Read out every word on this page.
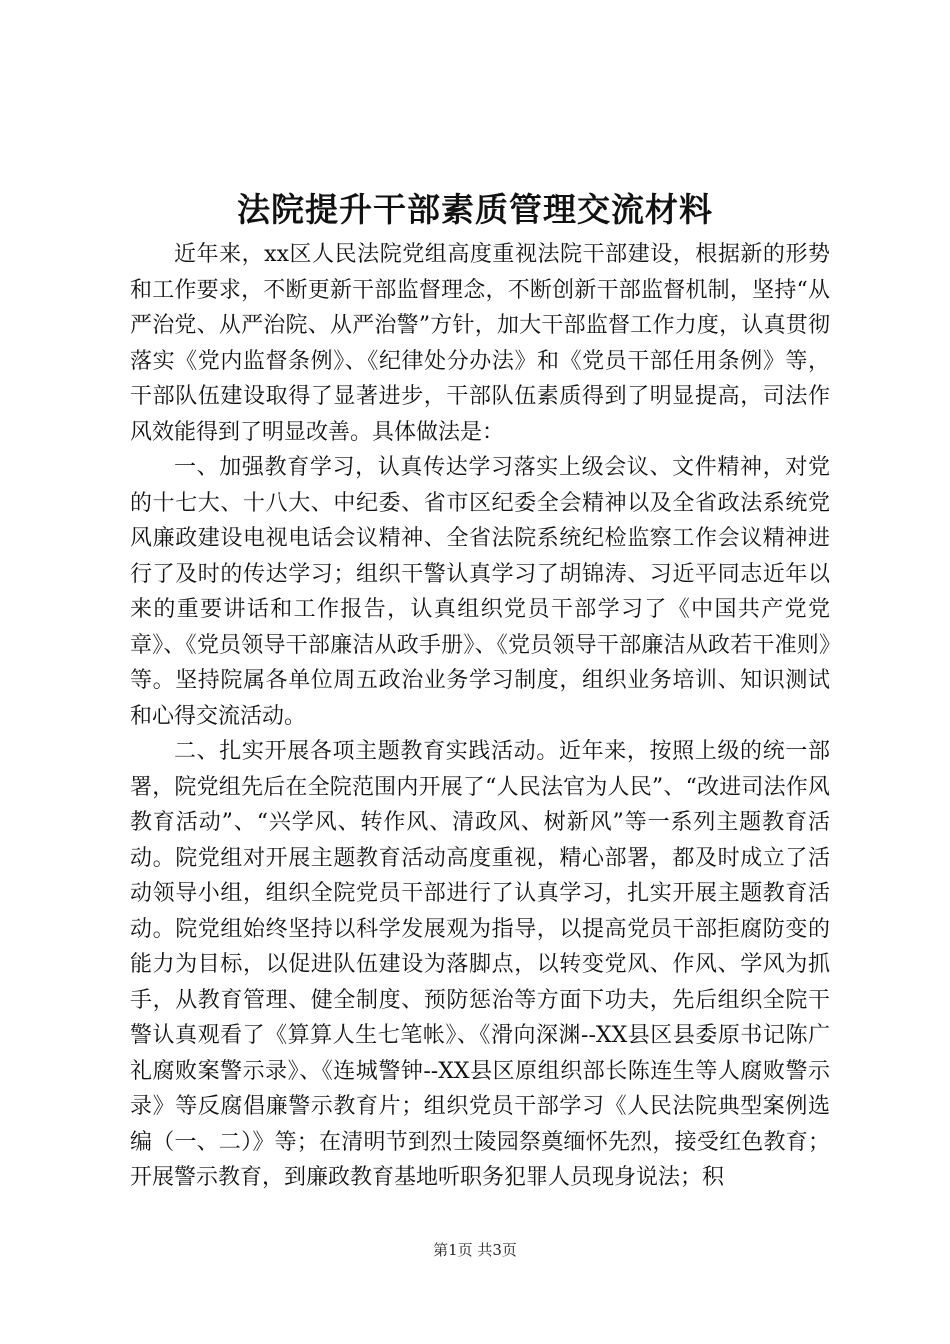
法院提升干部素质管理交流材料

近年来，xx区人民法院党组高度重视法院干部建设，根据新的形势和工作要求，不断更新干部监督理念，不断创新干部监督机制，坚持“从严治党、从严治院、从严治警”方针，加大干部监督工作力度，认真贯彻落实《党内监督条例》、《纪律处分办法》和《党员干部任用条例》等，干部队伍建设取得了显著进步，干部队伍素质得到了明显提高，司法作风效能得到了明显改善。具体做法是：

一、加强教育学习，认真传达学习落实上级会议、文件精神，对党的十七大、十八大、中纪委、省市区纪委全会精神以及全省政法系统党风廉政建设电视电话会议精神、全省法院系统纪检监察工作会议精神进行了及时的传达学习；组织干警认真学习了胡锦涛、习近平同志近年以来的重要讲话和工作报告，认真组织党员干部学习了《中国共产党党章》、《党员领导干部廉洁从政手册》、《党员领导干部廉洁从政若干准则》等。坚持院属各单位周五政治业务学习制度，组织业务培训、知识测试和心得交流活动。

二、扎实开展各项主题教育实践活动。近年来，按照上级的统一部署，院党组先后在全院范围内开展了“人民法官为人民”、“改进司法作风教育活动”、“兴学风、转作风、清政风、树新风”等一系列主题教育活动。院党组对开展主题教育活动高度重视，精心部署，都及时成立了活动领导小组，组织全院党员干部进行了认真学习，扎实开展主题教育活动。院党组始终坚持以科学发展观为指导，以提高党员干部拒腐防变的能力为目标，以促进队伍建设为落脚点，以转变党风、作风、学风为抓手，从教育管理、健全制度、预防惩治等方面下功夫，先后组织全院干警认真观看了《算算人生七笔帐》、《滑向深渊--XX县区县委原书记陈广礼腐败案警示录》、《连城警钟--XX县区原组织部长陈连生等人腐败警示录》等反腐倡廉警示教育片；组织党员干部学习《人民法院典型案例选编（一、二）》等；在清明节到烈士陵园祭奠缅怀先烈，接受红色教育；开展警示教育，到廉政教育基地听职务犯罪人员现身说法；积

第1页 共3页
